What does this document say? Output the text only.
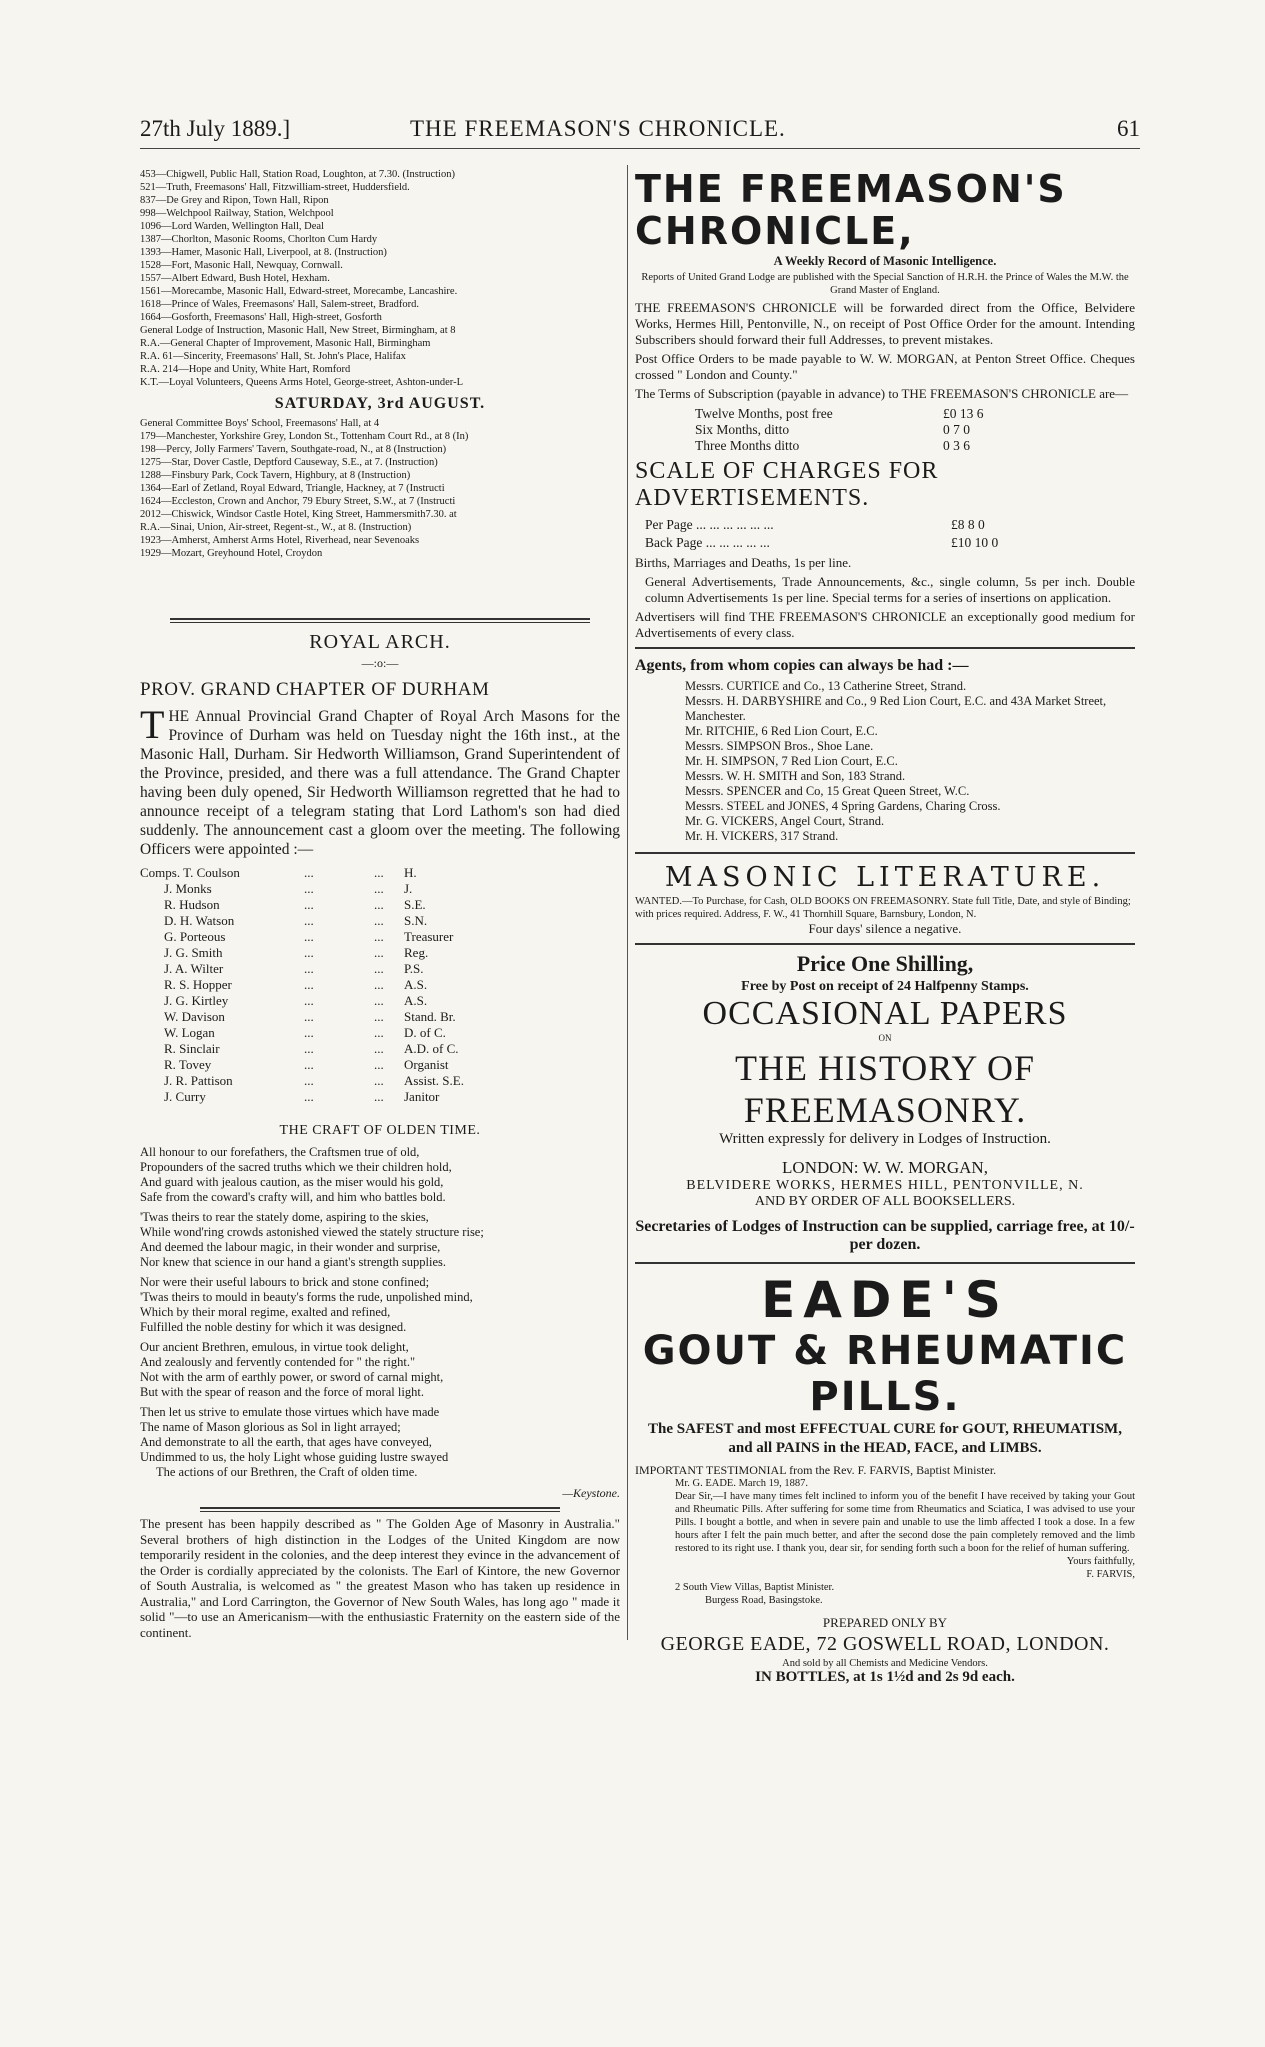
27th July 1889.]	THE FREEMASON'S CHRONICLE.	61
453—Chigwell, Public Hall, Station Road, Loughton, at 7.30. (Instruction)
521—Truth, Freemasons' Hall, Fitzwilliam-street, Huddersfield.
837—De Grey and Ripon, Town Hall, Ripon
998—Welchpool Railway, Station, Welchpool
1096—Lord Warden, Wellington Hall, Deal
1387—Chorlton, Masonic Rooms, Chorlton Cum Hardy
1393—Hamer, Masonic Hall, Liverpool, at 8. (Instruction)
1528—Fort, Masonic Hall, Newquay, Cornwall.
1557—Albert Edward, Bush Hotel, Hexham.
1561—Morecambe, Masonic Hall, Edward-street, Morecambe, Lancashire.
1618—Prince of Wales, Freemasons' Hall, Salem-street, Bradford.
1664—Gosforth, Freemasons' Hall, High-street, Gosforth
General Lodge of Instruction, Masonic Hall, New Street, Birmingham, at 8
R.A.—General Chapter of Improvement, Masonic Hall, Birmingham
R.A. 61—Sincerity, Freemasons' Hall, St. John's Place, Halifax
R.A. 214—Hope and Unity, White Hart, Romford
K.T.—Loyal Volunteers, Queens Arms Hotel, George-street, Ashton-under-L
SATURDAY, 3rd AUGUST.
General Committee Boys' School, Freemasons' Hall, at 4
179—Manchester, Yorkshire Grey, London St., Tottenham Court Rd., at 8 (In)
198—Percy, Jolly Farmers' Tavern, Southgate-road, N., at 8 (Instruction)
1275—Star, Dover Castle, Deptford Causeway, S.E., at 7. (Instruction)
1288—Finsbury Park, Cock Tavern, Highbury, at 8 (Instruction)
1364—Earl of Zetland, Royal Edward, Triangle, Hackney, at 7 (Instructi
1624—Eccleston, Crown and Anchor, 79 Ebury Street, S.W., at 7 (Instructi
2012—Chiswick, Windsor Castle Hotel, King Street, Hammersmith7.30. at
R.A.—Sinai, Union, Air-street, Regent-st., W., at 8. (Instruction)
1923—Amherst, Amherst Arms Hotel, Riverhead, near Sevenoaks
1929—Mozart, Greyhound Hotel, Croydon
ROYAL ARCH.
—:o:—
PROV. GRAND CHAPTER OF DURHAM
THE Annual Provincial Grand Chapter of Royal Arch Masons for the Province of Durham was held on Tuesday night the 16th inst., at the Masonic Hall, Durham. Sir Hedworth Williamson, Grand Superintendent of the Province, presided, and there was a full attendance. The Grand Chapter having been duly opened, Sir Hedworth Williamson regretted that he had to announce receipt of a telegram stating that Lord Lathom's son had died suddenly. The announcement cast a gloom over the meeting. The following Officers were appointed :—
Comps. T. Coulson	...	...	H.
J. Monks	...	...	J.
R. Hudson	...	...	S.E.
D. H. Watson	...	...	S.N.
G. Porteous	...	...	Treasurer
J. G. Smith	...	...	Reg.
J. A. Wilter	...	...	P.S.
R. S. Hopper	...	...	A.S.
J. G. Kirtley	...	...	A.S.
W. Davison	...	...	Stand. Br.
W. Logan	...	...	D. of C.
R. Sinclair	...	...	A.D. of C.
R. Tovey	...	...	Organist
J. R. Pattison	...	...	Assist. S.E.
J. Curry	...	...	Janitor
THE CRAFT OF OLDEN TIME.

All honour to our forefathers, the Craftsmen true of old,
Propounders of the sacred truths which we their children hold,
And guard with jealous caution, as the miser would his gold,
Safe from the coward's crafty will, and him who battles bold.

'Twas theirs to rear the stately dome, aspiring to the skies,
While wond'ring crowds astonished viewed the stately structure rise;
And deemed the labour magic, in their wonder and surprise,
Nor knew that science in our hand a giant's strength supplies.

Nor were their useful labours to brick and stone confined;
'Twas theirs to mould in beauty's forms the rude, unpolished mind,
Which by their moral regime, exalted and refined,
Fulfilled the noble destiny for which it was designed.

Our ancient Brethren, emulous, in virtue took delight,
And zealously and fervently contended for " the right."
Not with the arm of earthly power, or sword of carnal might,
But with the spear of reason and the force of moral light.

Then let us strive to emulate those virtues which have made
The name of Mason glorious as Sol in light arrayed;
And demonstrate to all the earth, that ages have conveyed,
Undimmed to us, the holy Light whose guiding lustre swayed
The actions of our Brethren, the Craft of olden time.

—Keystone.
The present has been happily described as " The Golden Age of Masonry in Australia." Several brothers of high distinction in the Lodges of the United Kingdom are now temporarily resident in the colonies, and the deep interest they evince in the advancement of the Order is cordially appreciated by the colonists. The Earl of Kintore, the new Governor of South Australia, is welcomed as " the greatest Mason who has taken up residence in Australia," and Lord Carrington, the Governor of New South Wales, has long ago " made it solid "—to use an Americanism—with the enthusiastic Fraternity on the eastern side of the continent.
THE FREEMASON'S CHRONICLE,
A Weekly Record of Masonic Intelligence.
Reports of United Grand Lodge are published with the Special Sanction of H.R.H. the Prince of Wales the M.W. the Grand Master of England.
THE FREEMASON'S CHRONICLE will be forwarded direct from the Office, Belvidere Works, Hermes Hill, Pentonville, N., on receipt of Post Office Order for the amount. Intending Subscribers should forward their full Addresses, to prevent mistakes.
Post Office Orders to be made payable to W. W. MORGAN, at Penton Street Office. Cheques crossed " London and County."
The Terms of Subscription (payable in advance) to THE FREEMASON'S CHRONICLE are—
Twelve Months, post free	£0 13 6
Six Months, ditto	0 7 0
Three Months ditto	0 3 6
SCALE OF CHARGES FOR ADVERTISEMENTS.
Per Page ... ... ... ... ... ...	£8 8 0
Back Page ... ... ... ... ...	£10 10 0
Births, Marriages and Deaths, 1s per line.
General Advertisements, Trade Announcements, &c., single column, 5s per inch. Double column Advertisements 1s per line. Special terms for a series of insertions on application.
Advertisers will find THE FREEMASON'S CHRONICLE an exceptionally good medium for Advertisements of every class.
Agents, from whom copies can always be had :—
Messrs. CURTICE and Co., 13 Catherine Street, Strand.
Messrs. H. DARBYSHIRE and Co., 9 Red Lion Court, E.C. and 43A Market Street, Manchester.
Mr. RITCHIE, 6 Red Lion Court, E.C.
Messrs. SIMPSON Bros., Shoe Lane.
Mr. H. SIMPSON, 7 Red Lion Court, E.C.
Messrs. W. H. SMITH and Son, 183 Strand.
Messrs. SPENCER and Co, 15 Great Queen Street, W.C.
Messrs. STEEL and JONES, 4 Spring Gardens, Charing Cross.
Mr. G. VICKERS, Angel Court, Strand.
Mr. H. VICKERS, 317 Strand.
MASONIC LITERATURE.
WANTED.—To Purchase, for Cash, OLD BOOKS ON FREEMASONRY. State full Title, Date, and style of Binding; with prices required. Address, F. W., 41 Thornhill Square, Barnsbury, London, N.
Four days' silence a negative.
Price One Shilling,
Free by Post on receipt of 24 Halfpenny Stamps.
OCCASIONAL PAPERS
ON
THE HISTORY OF FREEMASONRY.
Written expressly for delivery in Lodges of Instruction.
LONDON: W. W. MORGAN,
BELVIDERE WORKS, HERMES HILL, PENTONVILLE, N.
AND BY ORDER OF ALL BOOKSELLERS.
Secretaries of Lodges of Instruction can be supplied, carriage free, at 10/- per dozen.
EADE'S
GOUT & RHEUMATIC PILLS.
The SAFEST and most EFFECTUAL CURE for GOUT, RHEUMATISM, and all PAINS in the HEAD, FACE, and LIMBS.
IMPORTANT TESTIMONIAL from the Rev. F. FARVIS, Baptist Minister.
Mr. G. EADE. March 19, 1887.
Dear Sir,—I have many times felt inclined to inform you of the benefit I have received by taking your Gout and Rheumatic Pills. After suffering for some time from Rheumatics and Sciatica, I was advised to use your Pills. I bought a bottle, and when in severe pain and unable to use the limb affected I took a dose. In a few hours after I felt the pain much better, and after the second dose the pain completely removed and the limb restored to its right use. I thank you, dear sir, for sending forth such a boon for the relief of human suffering.
Yours faithfully,
F. FARVIS,
2 South View Villas, Baptist Minister.
Burgess Road, Basingstoke.
PREPARED ONLY BY
GEORGE EADE, 72 GOSWELL ROAD, LONDON.
And sold by all Chemists and Medicine Vendors.
IN BOTTLES, at 1s 1½d and 2s 9d each.
